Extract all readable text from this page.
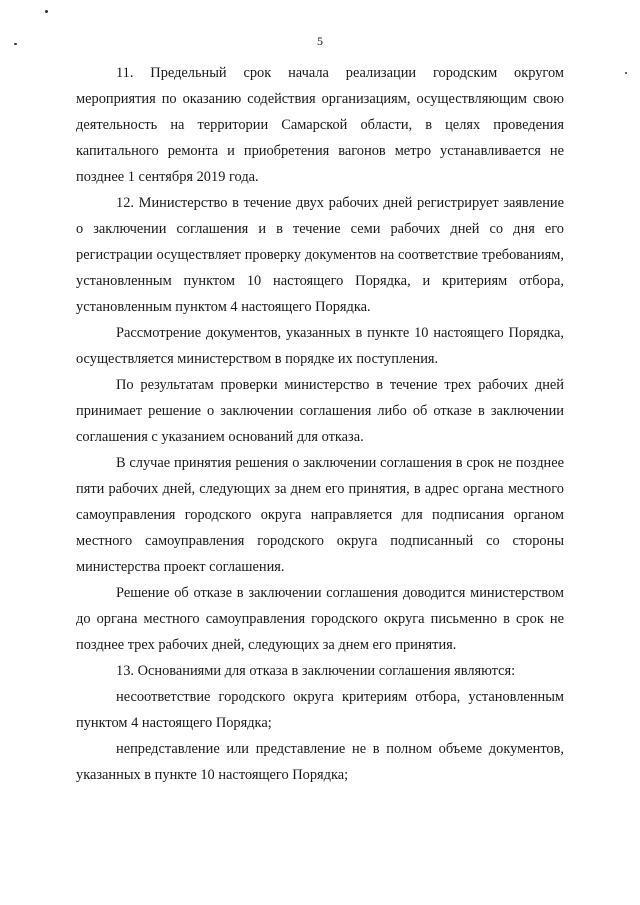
5

11. Предельный срок начала реализации городским округом мероприятия по оказанию содействия организациям, осуществляющим свою деятельность на территории Самарской области, в целях проведения капитального ремонта и приобретения вагонов метро устанавливается не позднее 1 сентября 2019 года.

12. Министерство в течение двух рабочих дней регистрирует заявление о заключении соглашения и в течение семи рабочих дней со дня его регистрации осуществляет проверку документов на соответствие требованиям, установленным пунктом 10 настоящего Порядка, и критериям отбора, установленным пунктом 4 настоящего Порядка.

Рассмотрение документов, указанных в пункте 10 настоящего Порядка, осуществляется министерством в порядке их поступления.

По результатам проверки министерство в течение трех рабочих дней принимает решение о заключении соглашения либо об отказе в заключении соглашения с указанием оснований для отказа.

В случае принятия решения о заключении соглашения в срок не позднее пяти рабочих дней, следующих за днем его принятия, в адрес органа местного самоуправления городского округа направляется для подписания органом местного самоуправления городского округа подписанный со стороны министерства проект соглашения.

Решение об отказе в заключении соглашения доводится министерством до органа местного самоуправления городского округа письменно в срок не позднее трех рабочих дней, следующих за днем его принятия.

13. Основаниями для отказа в заключении соглашения являются:

несоответствие городского округа критериям отбора, установленным пунктом 4 настоящего Порядка;

непредставление или представление не в полном объеме документов, указанных в пункте 10 настоящего Порядка;
